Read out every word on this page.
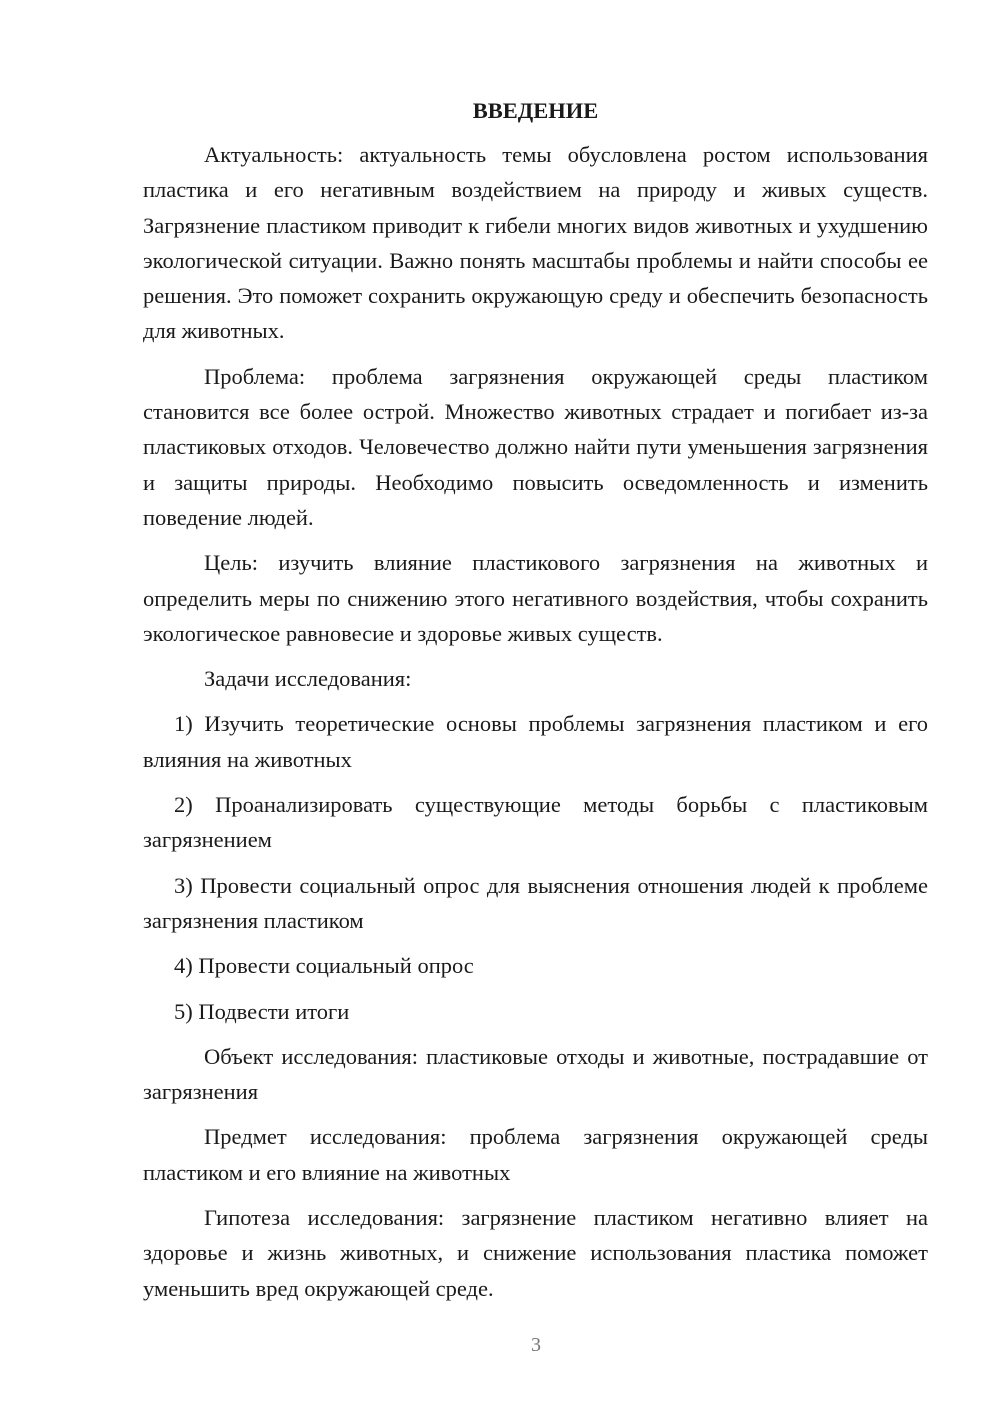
ВВЕДЕНИЕ

Актуальность: актуальность темы обусловлена ростом использования пластика и его негативным воздействием на природу и живых существ. Загрязнение пластиком приводит к гибели многих видов животных и ухудшению экологической ситуации. Важно понять масштабы проблемы и найти способы ее решения. Это поможет сохранить окружающую среду и обеспечить безопасность для животных.

Проблема: проблема загрязнения окружающей среды пластиком становится все более острой. Множество животных страдает и погибает из-за пластиковых отходов. Человечество должно найти пути уменьшения загрязнения и защиты природы. Необходимо повысить осведомленность и изменить поведение людей.

Цель: изучить влияние пластикового загрязнения на животных и определить меры по снижению этого негативного воздействия, чтобы сохранить экологическое равновесие и здоровье живых существ.

Задачи исследования:

1) Изучить теоретические основы проблемы загрязнения пластиком и его влияния на животных

2) Проанализировать существующие методы борьбы с пластиковым загрязнением

3) Провести социальный опрос для выяснения отношения людей к проблеме загрязнения пластиком

4) Провести социальный опрос

5) Подвести итоги

Объект исследования: пластиковые отходы и животные, пострадавшие от загрязнения

Предмет исследования: проблема загрязнения окружающей среды пластиком и его влияние на животных

Гипотеза исследования: загрязнение пластиком негативно влияет на здоровье и жизнь животных, и снижение использования пластика поможет уменьшить вред окружающей среде.

3
